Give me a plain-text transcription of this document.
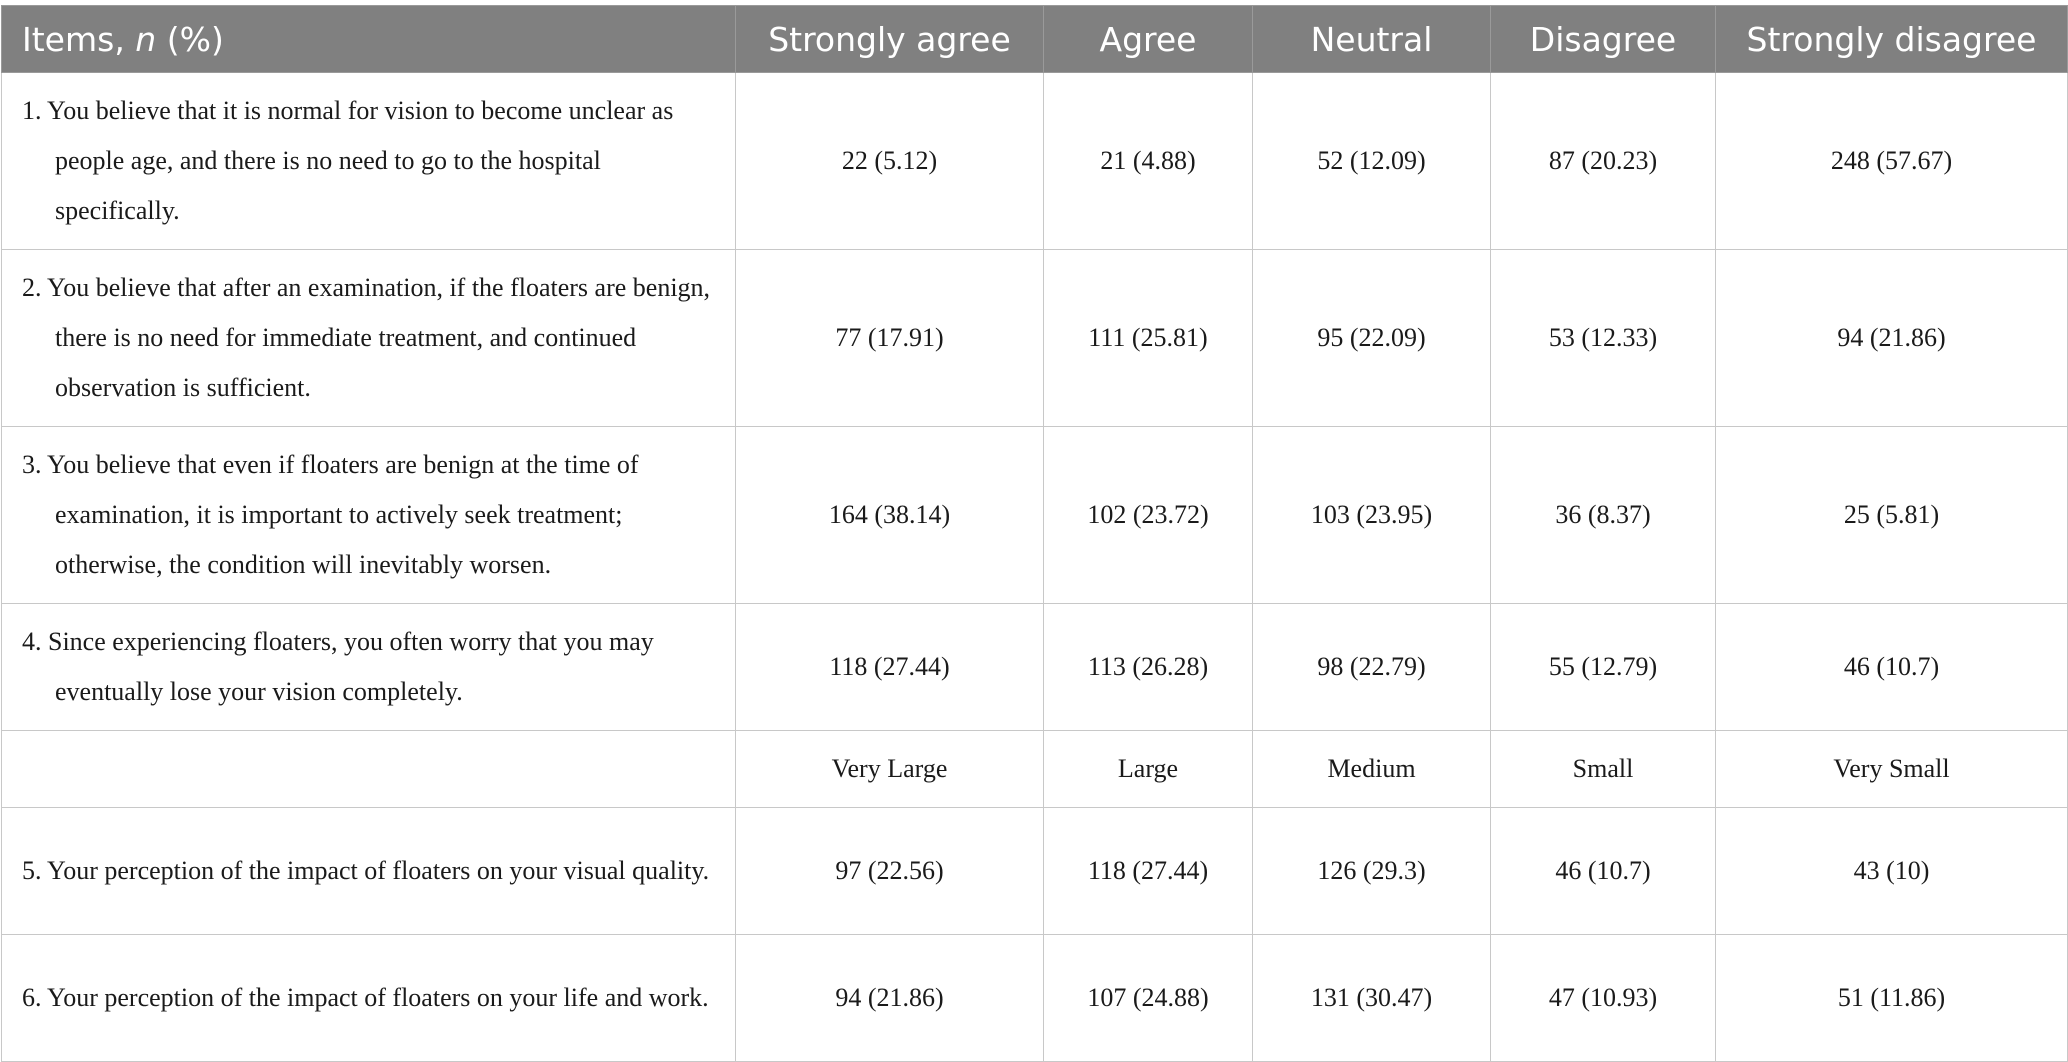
Items, n (%)	Strongly agree	Agree	Neutral	Disagree	Strongly disagree

1. You believe that it is normal for vision to become unclear as people age, and there is no need to go to the hospital specifically.	22 (5.12)	21 (4.88)	52 (12.09)	87 (20.23)	248 (57.67)

2. You believe that after an examination, if the floaters are benign, there is no need for immediate treatment, and continued observation is sufficient.	77 (17.91)	111 (25.81)	95 (22.09)	53 (12.33)	94 (21.86)

3. You believe that even if floaters are benign at the time of examination, it is important to actively seek treatment; otherwise, the condition will inevitably worsen.	164 (38.14)	102 (23.72)	103 (23.95)	36 (8.37)	25 (5.81)

4. Since experiencing floaters, you often worry that you may eventually lose your vision completely.	118 (27.44)	113 (26.28)	98 (22.79)	55 (12.79)	46 (10.7)
	Very Large	Large	Medium	Small	Very Small

5. Your perception of the impact of floaters on your visual quality.	97 (22.56)	118 (27.44)	126 (29.3)	46 (10.7)	43 (10)

6. Your perception of the impact of floaters on your life and work.	94 (21.86)	107 (24.88)	131 (30.47)	47 (10.93)	51 (11.86)
